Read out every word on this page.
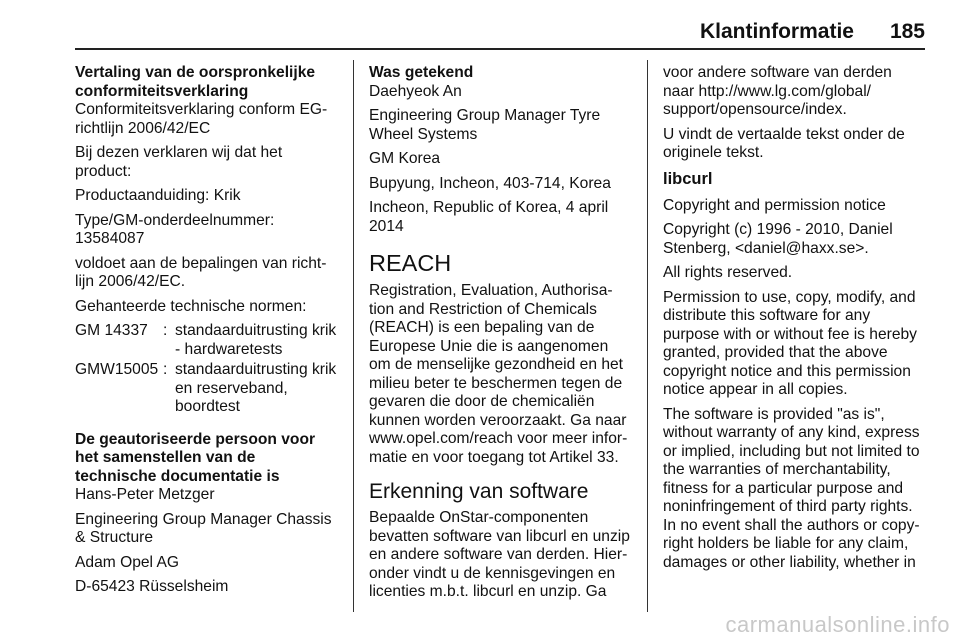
Klantinformatie 185

Vertaling van de oorspronkelijke conformiteitsverklaring

Conformiteitsverklaring conform EG-richtlijn 2006/42/EC

Bij dezen verklaren wij dat het product:

Productaanduiding: Krik

Type/GM-onderdeelnummer: 13584087

voldoet aan de bepalingen van richt-lijn 2006/42/EC.

Gehanteerde technische normen:

GM 14337 : standaarduitrusting krik - hardwaretests
GMW15005 : standaarduitrusting krik en reserveband, boordtest

De geautoriseerde persoon voor het samenstellen van de technische documentatie is

Hans-Peter Metzger

Engineering Group Manager Chassis & Structure

Adam Opel AG

D-65423 Rüsselsheim

Was getekend

Daehyeok An

Engineering Group Manager Tyre Wheel Systems

GM Korea

Bupyung, Incheon, 403-714, Korea

Incheon, Republic of Korea, 4 april 2014

REACH

Registration, Evaluation, Authorisa-tion and Restriction of Chemicals (REACH) is een bepaling van de Europese Unie die is aangenomen om de menselijke gezondheid en het milieu beter te beschermen tegen de gevaren die door de chemicaliën kunnen worden veroorzaakt. Ga naar www.opel.com/reach voor meer infor-matie en voor toegang tot Artikel 33.

Erkenning van software

Bepaalde OnStar-componenten bevatten software van libcurl en unzip en andere software van derden. Hier-onder vindt u de kennisgevingen en licenties m.b.t. libcurl en unzip. Ga

voor andere software van derden naar http://www.lg.com/global/ support/opensource/index.

U vindt de vertaalde tekst onder de originele tekst.

libcurl

Copyright and permission notice

Copyright (c) 1996 - 2010, Daniel Stenberg, <daniel@haxx.se>.

All rights reserved.

Permission to use, copy, modify, and distribute this software for any purpose with or without fee is hereby granted, provided that the above copyright notice and this permission notice appear in all copies.

The software is provided "as is", without warranty of any kind, express or implied, including but not limited to the warranties of merchantability, fitness for a particular purpose and noninfringement of third party rights. In no event shall the authors or copy-right holders be liable for any claim, damages or other liability, whether in

carmanualsonline.info
